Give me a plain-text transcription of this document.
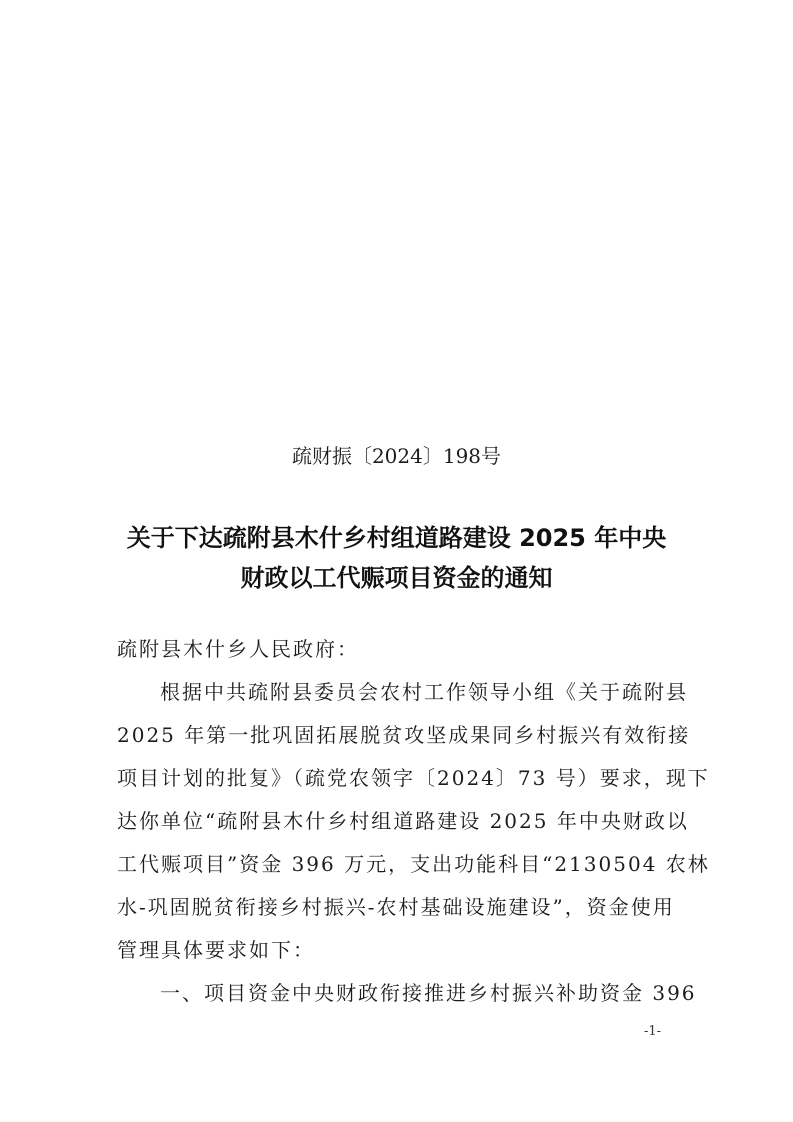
疏财振〔2024〕198号
关于下达疏附县木什乡村组道路建设 2025 年中央
财政以工代赈项目资金的通知
疏附县木什乡人民政府：
根据中共疏附县委员会农村工作领导小组《关于疏附县
2025 年第一批巩固拓展脱贫攻坚成果同乡村振兴有效衔接
项目计划的批复》（疏党农领字〔2024〕73 号）要求，现下
达你单位“疏附县木什乡村组道路建设 2025 年中央财政以
工代赈项目”资金 396 万元，支出功能科目“2130504 农林
水-巩固脱贫衔接乡村振兴-农村基础设施建设”，资金使用
管理具体要求如下：
一、项目资金中央财政衔接推进乡村振兴补助资金 396
-1-
